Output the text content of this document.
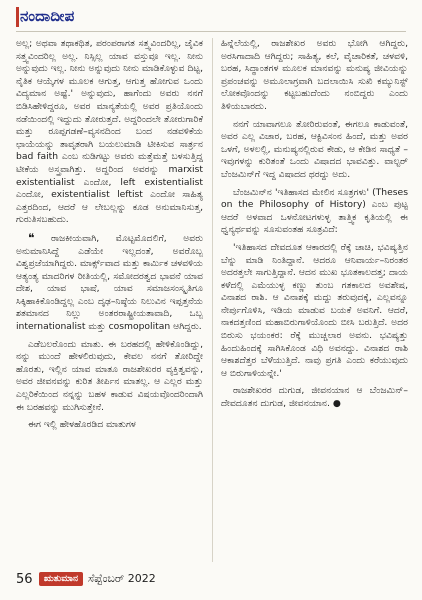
ನಂದಾದೀಪ

ಅಲ್ಲ; ಅಥವಾ ತಥಾಕಥಿತ, ಪರಂಪರಾಗತ ಸತ್ತ್ವವಿಂದರಿಲ್ಲ, ಜೈವಿಕ ಸತ್ತ್ವವಿಂದರಿಲ್ಲ ಅಲ್ಲ. ನಿಸ್ಸಿಲ್ಲ ಯಾವ ವಸ್ತುವೂ ಇಲ್ಲ. ನೀನು ಅನ್ನುವುದು ಇಲ್ಲ. ನೀನು ಅನ್ನುವುದು ನೀನು ಮಾಡಿಕೊಳ್ಳುವ ದಿಟ್ಟ, ನೈತಿಕ ಆಯ್ಕೆಗಳ ಮೂಲಕ ಆಗುತ್ತ, ಆಗುತ್ತ ಹೋಗುವ ಒಂದು ವಿದ್ಯಮಾನ ಅಷ್ಟೆ.' ಅನ್ನುವುದು, ಹಾಗೆಂದು ಅವರು ನನಗೆ ಬಿಡಿಸಿಹೇಳಿದ್ದರೂ, ಅವರ ಮಾನ್ಯತೆಯಲ್ಲಿ ಅವರ ಪ್ರತಿಯೊಂದು ನಡೆಯಿಂದಲ್ಲಿ ಇದ್ದುದು ತೋರುತ್ತದೆ. ಅದ್ದರಿಂದಲೇ ತೋರುಗಾರಿಕೆ ಮತ್ತು ರೂಪ್ಪಗಡಣೆ–ವ್ಯಸನದಿಂದ ಬಂದ ನಡವಳಿಕೆಯ ಛಾಯೆಯನ್ನು ತಾವೃತರಾಗಿ ಬಯಲುಮಾಡಿ ಟೀಕಿಸುವ ಸಾರ್ತ್ರನ bad faith ಎಂಬ ನುಡಿಗಟ್ಟು ಅವರು ಮತ್ತೆಮತ್ತೆ ಬಳಸುತ್ತಿದ್ದ ಟೀಕೆಯ ಅಸ್ತ್ರವಾಗಿತ್ತು. ಅದ್ದರಿಂದ ಅವರನ್ನು marxist existentialist ಎಂದೋ, left existentialist ಎಂದೋ, existentialist leftist ಎಂದೋ ಸಾಹಿತ್ಯ ಎತ್ತರದಿಂದ, ಆದರೆ ಆ ಲೇಬಲ್ಲನ್ನು ಕೂಡ ಅನುಮಾನಿಸುತ್ತ, ಗುರುತಿಸಬಹುದು.

❝ ರಾಜಕೀಯವಾಗಿ, ಮೊಟ್ಟಮೊದಲಿಗೆ, ಅವರು ಅನುಮಾನಿಸಿದ್ದೆ ಎಡೆಯೇ ಇಲ್ಲದಂತೆ, ಅವರೊಬ್ಬ ವಿಶ್ವಪ್ರಜೆಯಾಗಿದ್ದರು. ಮಾರ್ಕ್ಸ್‌ವಾದ ಮತ್ತು ಕಾರ್ಮಿಕ ಚಳವಳಿಯ ಆತ್ಯಂತ್ಯ ಮಾದರಿಗಳ ರೀತಿಯಲ್ಲಿ, ಸಮೋದರತ್ವದ ಭಾವನೆ ಯಾವ ದೇಶ, ಯಾವ ಭಾಷೆ, ಯಾವ ಸಮಾಜಸಂಸ್ಕೃತಿಗೂ ಸಿಕ್ಕಿಹಾಕಿಕೊಂಡಿದ್ದಲ್ಲ ಎಂಬ ದೃಢ–ನಿಷ್ಠೆಯ ನಿಲುವಿನ ಇಪ್ಪತ್ತನೆಯ ಶತಮಾನದ ನಿಲ್ಲು ಅಂತರರಾಷ್ಟ್ರೀಯತಾವಾದಿ, ಒಬ್ಬ internationalist ಮತ್ತು cosmopolitan ಆಗಿದ್ದರು.

ಎಡೆಬಲರೊಂದು ಮಾತು. ಈ ಬರಹದಲ್ಲಿ ಹೇಳಿಕೊಂಡಿದ್ದು, ನನ್ನು ಮುಂದೆ ಹೇಳಲಿರುವುದು, ಕೇವಲ ನನಗೆ ತೋರಿದ್ದೇ ಹೊರತು, ಇಲ್ಲಿನ ಯಾವ ಮಾತೂ ರಾಜಶೇಖರರ ವ್ಯಕ್ತಿತ್ವವನ್ನು, ಅವರ ಜೀವನವನ್ನು ಕುರಿತ ತೀರ್ಪಿನ ಮಾತಲ್ಲ. ಆ ಎಲ್ಲರ ಮತ್ತು ಎಲ್ಲರಿಕೆಯಿಂದ ನನ್ನನ್ನು ಬಹಳ ಕಾಡುವ ವಿಷಯವೊಂದರಿಂದಾಗಿ ಈ ಬರಹವನ್ನು ಮುಗಿಸುತ್ತೇನೆ.

ಈಗ ಇಲ್ಲಿ ಹೇಳಹೊರಡಿದ ಮಾತುಗಳ

ಹಿನ್ನೆಲೆಯಲ್ಲಿ, ರಾಜಶೇಖರ ಅವರು ಭೋಗಿ ಆಗಿದ್ದರು, ಅರಸಿಗಾದಾದಿ ಆಗಿದ್ದರು; ಸಾಹಿತ್ಯ, ಕಲೆ, ವೈಚಾರಿಕತೆ, ಚಳವಳಿ, ಬರಹ, ಸಿದ್ಧಾಂತಗಳ ಮೂಲಕ ಮಾನವನ್ನು ಮನುಷ್ಯ ಜೀವಿಯನ್ನು ಪ್ರಪಂಚವನ್ನು ಅಮೂಲಾಗ್ರವಾಗಿ ಬದಲಾಯಿಸಿ ಸುಖಿ ಕಮ್ಯುನಿಸ್ಟ್ ಲೋಕವೊಂದನ್ನು ಕಟ್ಟಬಹುದೆಂದು ನಂಬಿದ್ದರು ಎಂದು ತಿಳಿಯಬಾರದು.

ನನಗೆ ಯಾವಾಗಲೂ ತೋರಿರುವಂತೆ, ಈಗಲೂ ಕಾಡುವಂತೆ, ಅವರ ಎಲ್ಲ ವಿಚಾರ, ಬರಹ, ಆಕ್ಟಿವಿಸಂನ ಹಿಂದೆ, ಮತ್ತು ಅವರ ಒಳಗೆ, ಅಳಲಲ್ಲಿ, ಮನುಷ್ಯನಲ್ಲಿರುವ ಕೇಡು, ಆ ಕೇಡಿನ ಸಾಧ್ಯತೆ – ಇವುಗಳನ್ನು ಕುರಿತಂತೆ ಒಂದು ವಿಷಾದದ ಭಾವವಿತ್ತು. ವಾಲ್ಟರ್ ಬೆಂಜಮಿನ್‌ಗೆ ಇದ್ದ ವಿಷಾದದ ಥರದ್ದು ಅದು.

ಬೆಂಜಮಿನ್‌ನ 'ಇತಿಹಾಸದ ಮೇಲಿನ ಸೂತ್ರಗಳು' (Theses on the Philosophy of History) ಎಂಬ ಪುಟ್ಟ ಆದರೆ ಅಳವಾದ ಒಳನೋಟಗಳುಳ್ಳ ತಾತ್ತ್ವಿಕ ಕೃತಿಯಲ್ಲಿ ಈ ಧ್ವನ್ಯರ್ಥವನ್ನು ಸೂಸುವಂತಹ ಸೂತ್ರವಿದೆ:

'ಇತಿಹಾಸದ ದೇವದೂತ ಆಕಾರದಲ್ಲಿ ರೆಕ್ಕೆ ಚಾಚಿ, ಭವಿಷ್ಯತ್ತಿನ ಬೆನ್ನು ಮಾಡಿ ನಿಂತಿದ್ದಾನೆ. ಆದರೂ ಆನಿವಾರ್ಯ–ನಿರಂತರ ಅದರತ್ತಲೇ ಸಾಗುತ್ತಿದ್ದಾನೆ. ಆದನ ಮುಖ ಭೂತಕಾಲದತ್ತ; ದಾಯ ಕಳೆದಲ್ಲಿ ಎಮೆಯುಳ್ಳ ಕಣ್ಣು ತುಂಬ ಗತಕಾಲದ ಅವಶೇಷ, ವಿನಾಶದ ರಾಶಿ. ಆ ವಿನಾಶಕ್ಕೆ ಮದ್ದು ತರುವುದಕ್ಕೆ, ಎಲ್ಲವನ್ನೂ ನೇರ್ಪುಗೊಳಿಸಿ, ಇಡಿಯ ಮಾಡುವ ಬಯಕೆ ಅವನಿಗೆ. ಆದರೆ, ನಾಕದತ್ತಣಿಂದ ಮಹಾಬಿರುಗಾಳಿಯೊಂದು ಬೀಸಿ ಬರುತ್ತಿದೆ. ಅದರ ಬಿರುಸು ಭಯಂಕರ: ರೆಕ್ಕೆ ಮುಚ್ಚಲಾರ ಅವನು. ಭವಿಷ್ಯತ್ತು ಹಿಂದುಹಿಂದಕ್ಕೆ ಸಾಗಿಸಿಕೊಂಡ ವಿಧಿ ಅವನದ್ದು. ವಿನಾಶದ ರಾಶಿ ಆಕಾಶದೆತ್ತರ ಬೆಳೆಯುತ್ತಿದೆ. ನಾವು ಪ್ರಗತಿ ಎಂದು ಕರೆಯುವುದು ಆ ಬಿರುಗಾಳಿಯನ್ನೇ.'

ರಾಜಶೇಖರರ ದುಗುಡ, ಜೀವನಯಾನ ಆ ಬೆಂಜಮಿನ್–ದೇವದೂತನ ದುಗುಡ, ಜೀವನಯಾನ. ●

56	ಋತುಮಾನ ಸೆಪ್ಟೆಂಬರ್ 2022
